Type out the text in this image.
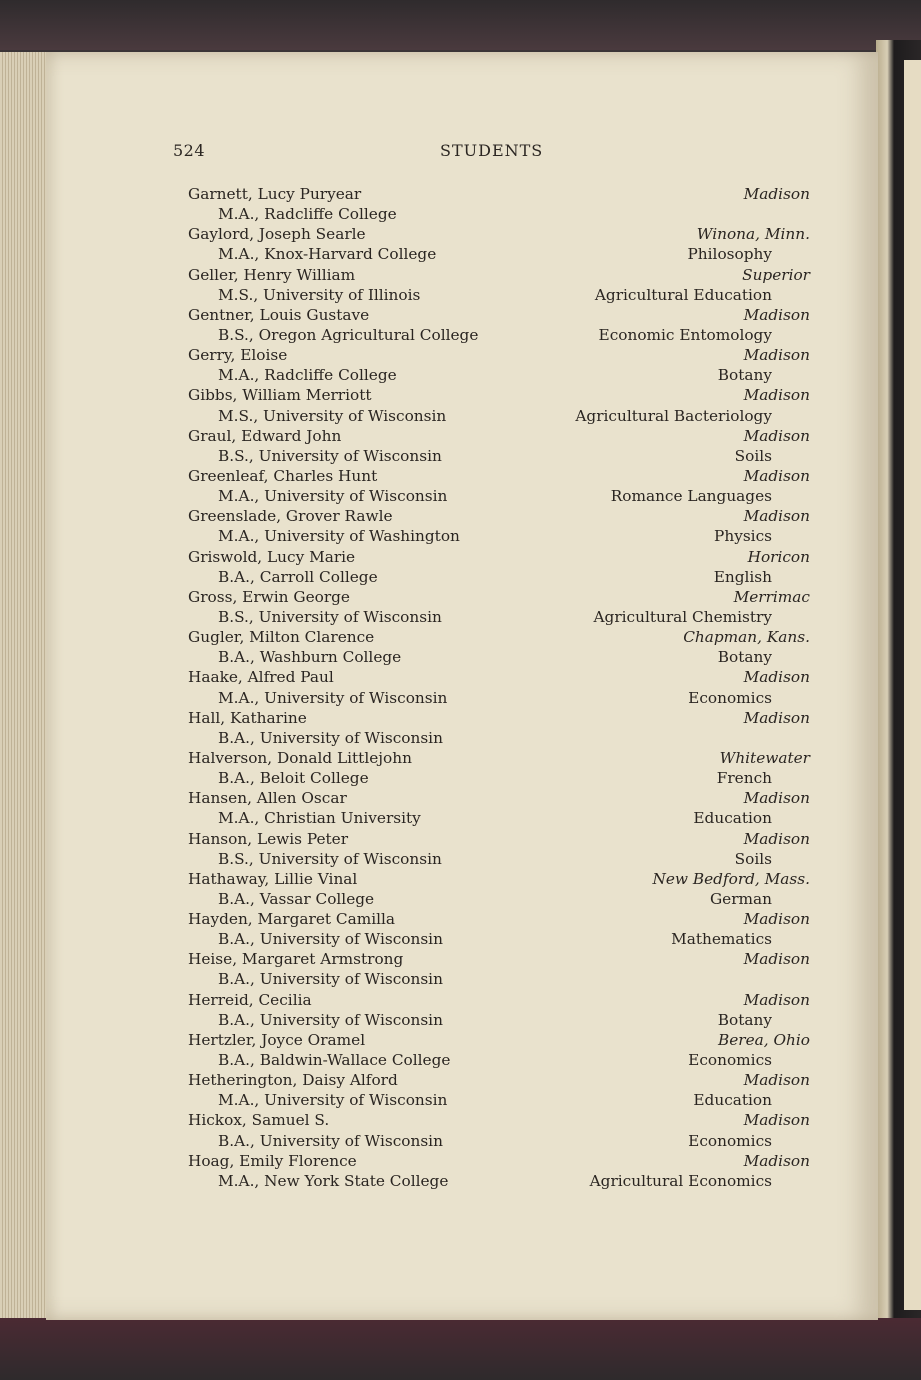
524	STUDENTS
Garnett, Lucy Puryear	Madison
M.A., Radcliffe College
Gaylord, Joseph Searle	Winona, Minn.
M.A., Knox-Harvard College	Philosophy
Geller, Henry William	Superior
M.S., University of Illinois	Agricultural Education
Gentner, Louis Gustave	Madison
B.S., Oregon Agricultural College	Economic Entomology
Gerry, Eloise	Madison
M.A., Radcliffe College	Botany
Gibbs, William Merriott	Madison
M.S., University of Wisconsin	Agricultural Bacteriology
Graul, Edward John	Madison
B.S., University of Wisconsin	Soils
Greenleaf, Charles Hunt	Madison
M.A., University of Wisconsin	Romance Languages
Greenslade, Grover Rawle	Madison
M.A., University of Washington	Physics
Griswold, Lucy Marie	Horicon
B.A., Carroll College	English
Gross, Erwin George	Merrimac
B.S., University of Wisconsin	Agricultural Chemistry
Gugler, Milton Clarence	Chapman, Kans.
B.A., Washburn College	Botany
Haake, Alfred Paul	Madison
M.A., University of Wisconsin	Economics
Hall, Katharine	Madison
B.A., University of Wisconsin
Halverson, Donald Littlejohn	Whitewater
B.A., Beloit College	French
Hansen, Allen Oscar	Madison
M.A., Christian University	Education
Hanson, Lewis Peter	Madison
B.S., University of Wisconsin	Soils
Hathaway, Lillie Vinal	New Bedford, Mass.
B.A., Vassar College	German
Hayden, Margaret Camilla	Madison
B.A., University of Wisconsin	Mathematics
Heise, Margaret Armstrong	Madison
B.A., University of Wisconsin
Herreid, Cecilia	Madison
B.A., University of Wisconsin	Botany
Hertzler, Joyce Oramel	Berea, Ohio
B.A., Baldwin-Wallace College	Economics
Hetherington, Daisy Alford	Madison
M.A., University of Wisconsin	Education
Hickox, Samuel S.	Madison
B.A., University of Wisconsin	Economics
Hoag, Emily Florence	Madison
M.A., New York State College	Agricultural Economics
